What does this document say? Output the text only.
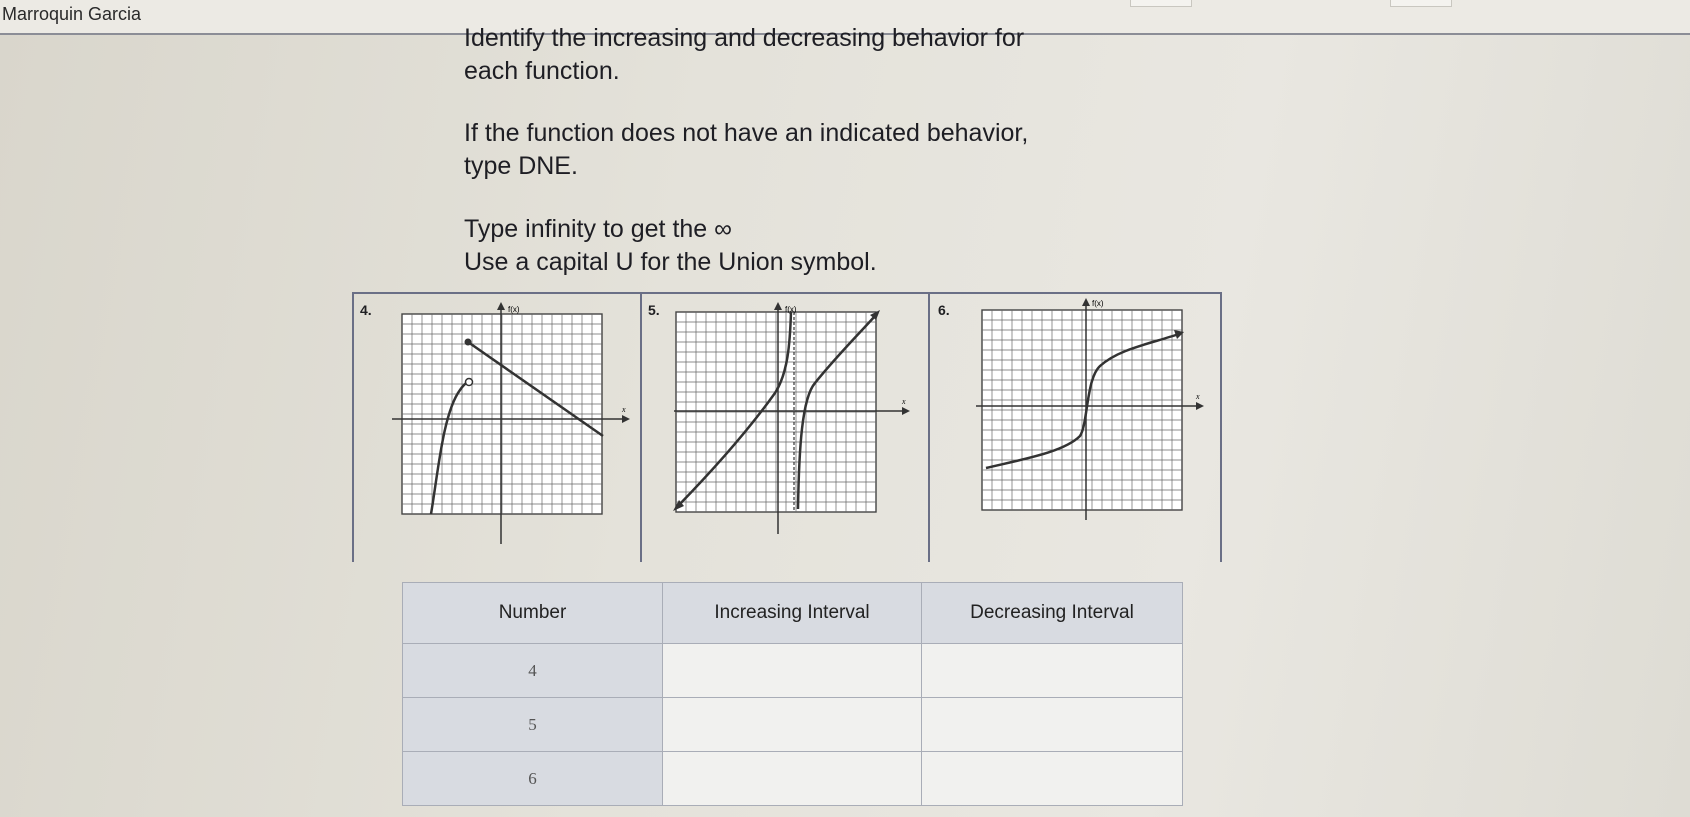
Marroquin Garcia
Identify the increasing and decreasing behavior for
each function.
If the function does not have an indicated behavior,
type DNE.
Type infinity to get the ∞
Use a capital U for the Union symbol.
4.	5.	6.
f(x)
x
f(x)
x
f(x)
x
Number	Increasing Interval	Decreasing Interval
4		
5		
6		
